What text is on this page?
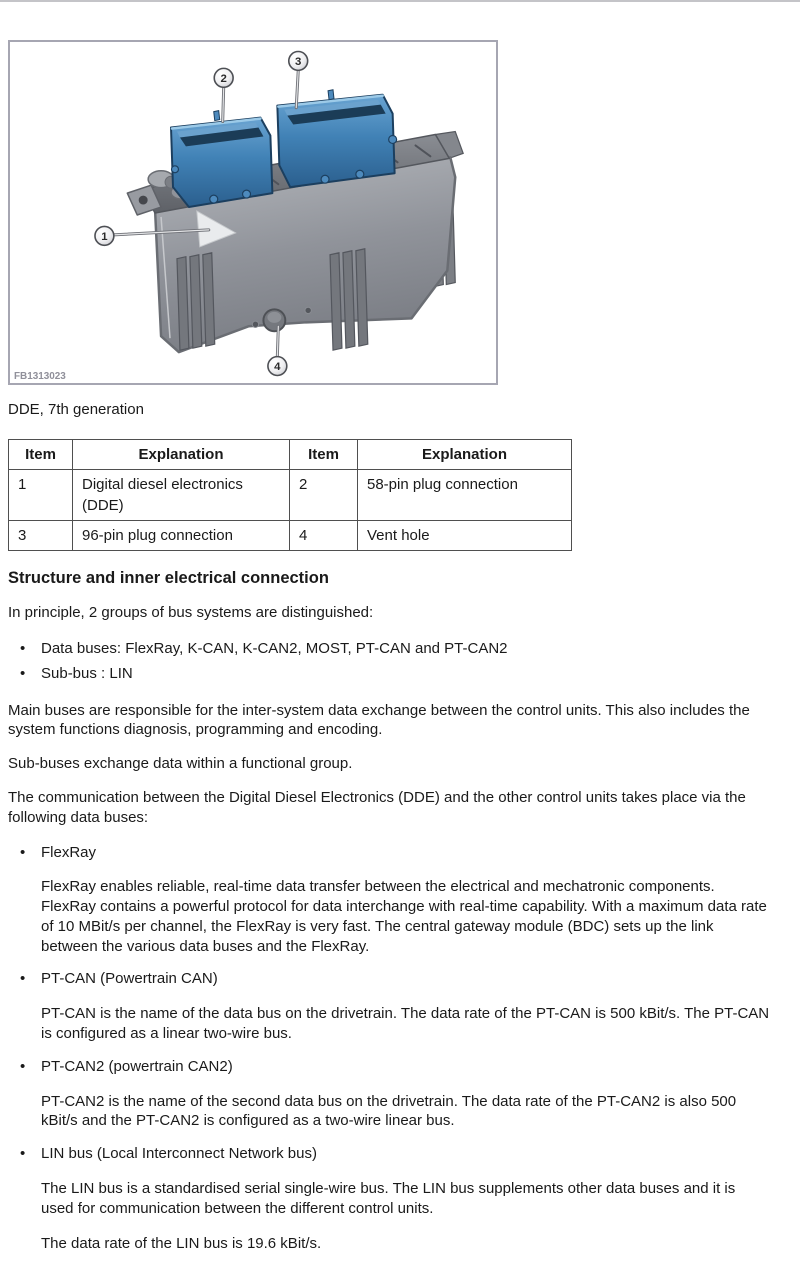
1
2
3
4
FB1313023

DDE, 7th generation

Item	Explanation	Item	Explanation
1	Digital diesel electronics (DDE)	2	58-pin plug connection
3	96-pin plug connection	4	Vent hole
Structure and inner electrical connection

In principle, 2 groups of bus systems are distinguished:

• Data buses: FlexRay, K-CAN, K-CAN2, MOST, PT-CAN and PT-CAN2
• Sub-bus : LIN

Main buses are responsible for the inter-system data exchange between the control units. This also includes the system functions diagnosis, programming and encoding.

Sub-buses exchange data within a functional group.

The communication between the Digital Diesel Electronics (DDE) and the other control units takes place via the following data buses:

• FlexRay

FlexRay enables reliable, real-time data transfer between the electrical and mechatronic components. FlexRay contains a powerful protocol for data interchange with real-time capability. With a maximum data rate of 10 MBit/s per channel, the FlexRay is very fast. The central gateway module (BDC) sets up the link between the various data buses and the FlexRay.

• PT-CAN (Powertrain CAN)

PT-CAN is the name of the data bus on the drivetrain. The data rate of the PT-CAN is 500 kBit/s. The PT-CAN is configured as a linear two-wire bus.

• PT-CAN2 (powertrain CAN2)

PT-CAN2 is the name of the second data bus on the drivetrain. The data rate of the PT-CAN2 is also 500 kBit/s and the PT-CAN2 is configured as a two-wire linear bus.

• LIN bus (Local Interconnect Network bus)

The LIN bus is a standardised serial single-wire bus. The LIN bus supplements other data buses and it is used for communication between the different control units.

The data rate of the LIN bus is 19.6 kBit/s.
